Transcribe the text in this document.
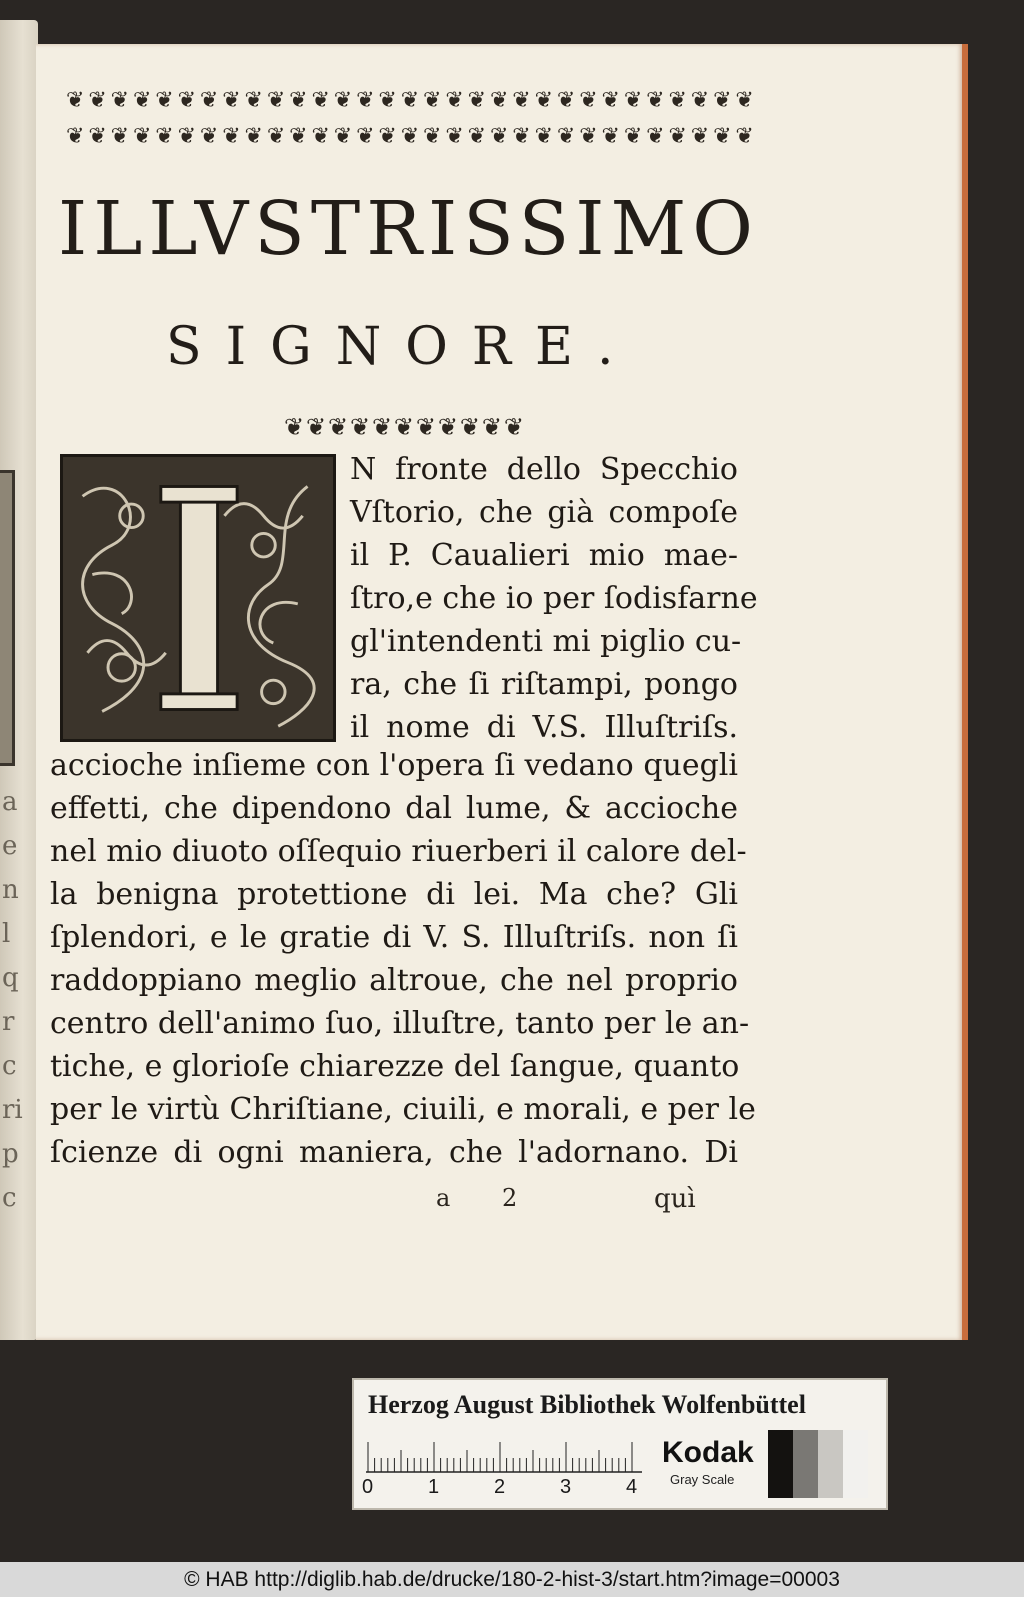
a
e
n
l
q
r
c
ri
p
c
❦ ❦ ❦ ❦ ❦ ❦ ❦ ❦ ❦ ❦ ❦ ❦ ❦ ❦ ❦ ❦ ❦ ❦ ❦ ❦ ❦ ❦ ❦ ❦ ❦ ❦ ❦ ❦ ❦ ❦ ❦
❦ ❦ ❦ ❦ ❦ ❦ ❦ ❦ ❦ ❦ ❦ ❦ ❦ ❦ ❦ ❦ ❦ ❦ ❦ ❦ ❦ ❦ ❦ ❦ ❦ ❦ ❦ ❦ ❦ ❦ ❦
ILLVSTRISSIMO
SIGNORE.
❦ ❦ ❦ ❦ ❦ ❦ ❦ ❦ ❦ ❦ ❦
N fronte dello Specchio
Vſtorio, che già compoſe
il P. Caualieri mio mae-
ſtro,e che io per ſodisfarne
gl'intendenti mi piglio cu-
ra, che ſi riſtampi, pongo
il nome di V.S. Illuſtriſs.
accioche inſieme con l'opera ſi vedano quegli
effetti, che dipendono dal lume, & accioche
nel mio diuoto oſſequio riuerberi il calore del-
la benigna protettione di lei. Ma che? Gli
ſplendori, e le gratie di V. S. Illuſtriſs. non ſi
raddoppiano meglio altroue, che nel proprio
centro dell'animo ſuo, illuſtre, tanto per le an-
tiche, e glorioſe chiarezze del ſangue, quanto
per le virtù Chriſtiane, ciuili, e morali, e per le
ſcienze di ogni maniera, che l'adornano. Di
a 2	quì
Herzog August Bibliothek Wolfenbüttel
0	1	2	3	4
Kodak
Gray Scale
© HAB http://diglib.hab.de/drucke/180-2-hist-3/start.htm?image=00003
